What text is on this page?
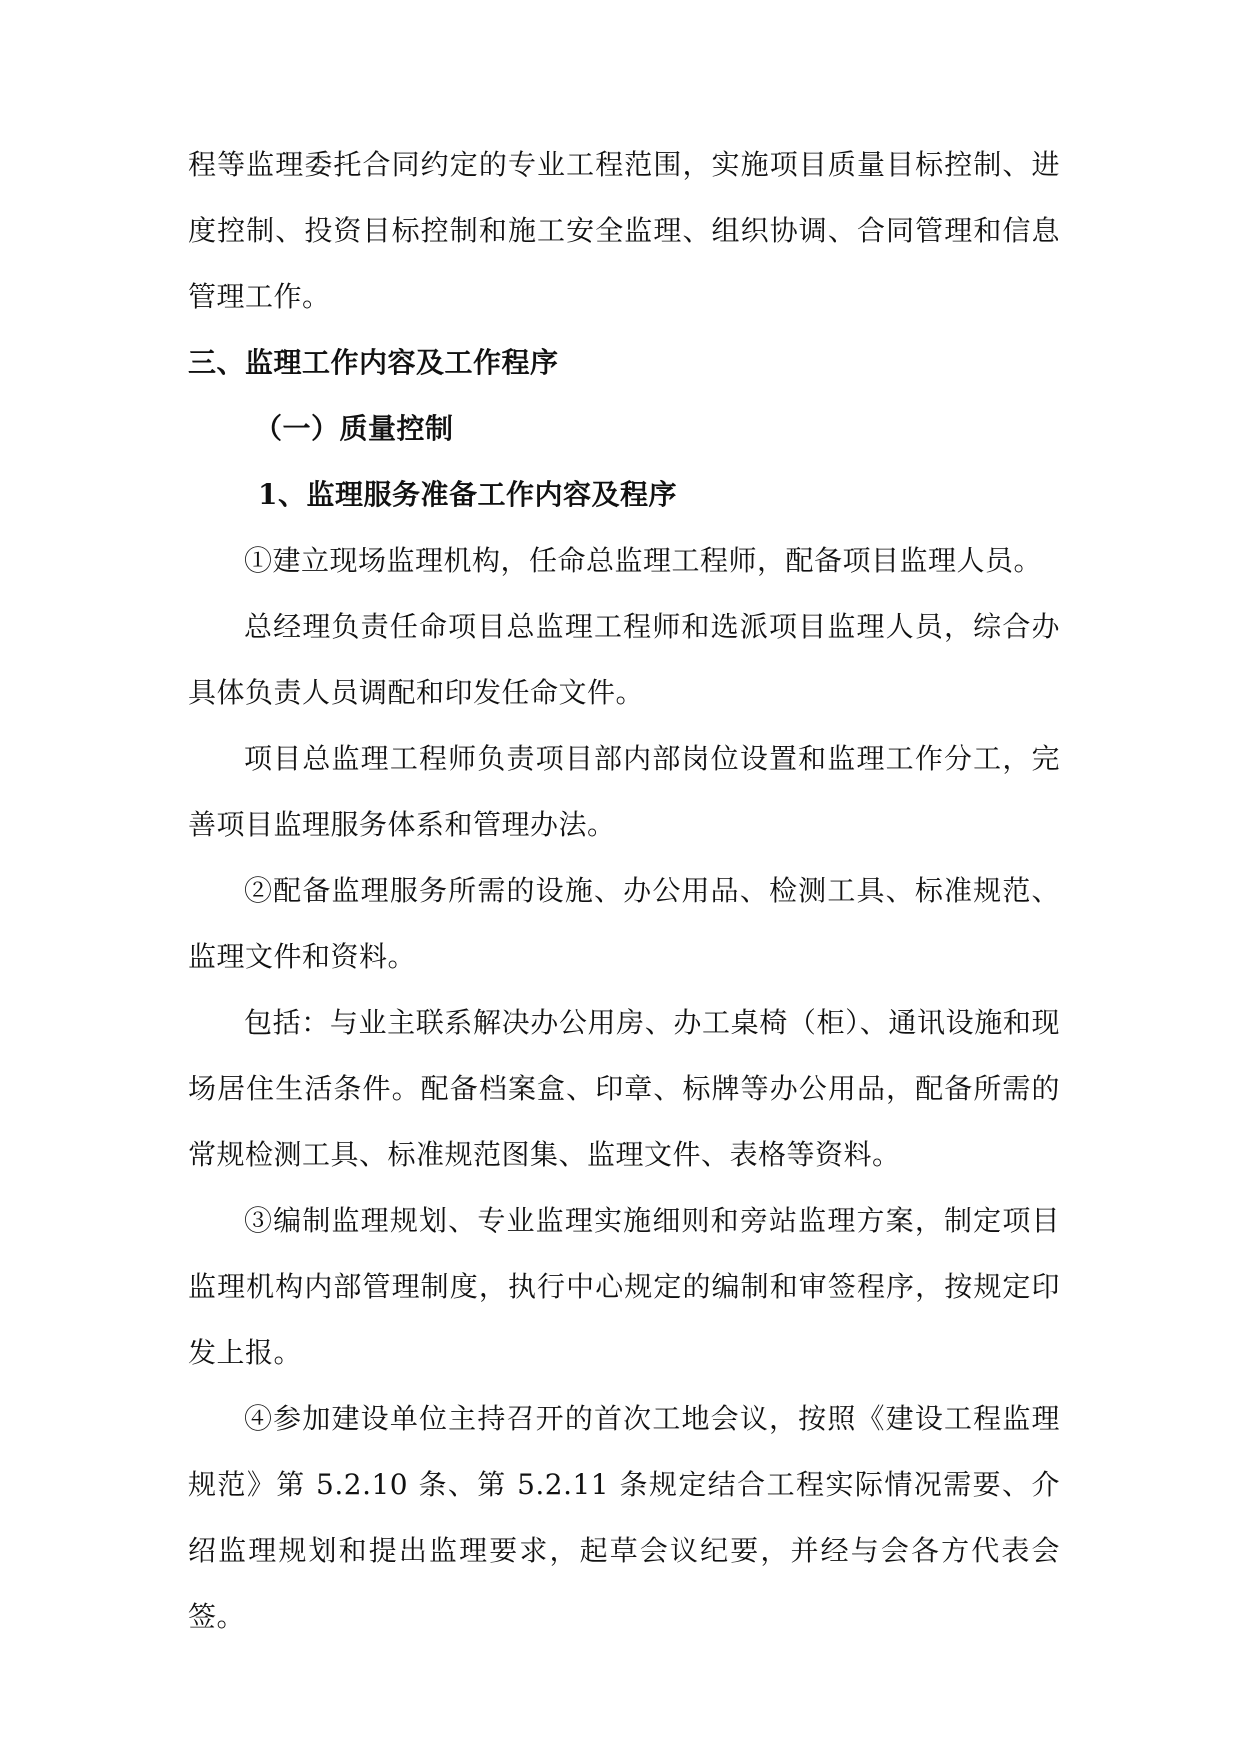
程等监理委托合同约定的专业工程范围，实施项目质量目标控制、进度控制、投资目标控制和施工安全监理、组织协调、合同管理和信息管理工作。

三、监理工作内容及工作程序

（一）质量控制

1、监理服务准备工作内容及程序

①建立现场监理机构，任命总监理工程师，配备项目监理人员。

总经理负责任命项目总监理工程师和选派项目监理人员，综合办具体负责人员调配和印发任命文件。

项目总监理工程师负责项目部内部岗位设置和监理工作分工，完善项目监理服务体系和管理办法。

②配备监理服务所需的设施、办公用品、检测工具、标准规范、监理文件和资料。

包括：与业主联系解决办公用房、办工桌椅（柜）、通讯设施和现场居住生活条件。配备档案盒、印章、标牌等办公用品，配备所需的常规检测工具、标准规范图集、监理文件、表格等资料。

③编制监理规划、专业监理实施细则和旁站监理方案，制定项目监理机构内部管理制度，执行中心规定的编制和审签程序，按规定印发上报。

④参加建设单位主持召开的首次工地会议，按照《建设工程监理规范》第 5.2.10 条、第 5.2.11 条规定结合工程实际情况需要、介绍监理规划和提出监理要求，起草会议纪要，并经与会各方代表会签。
